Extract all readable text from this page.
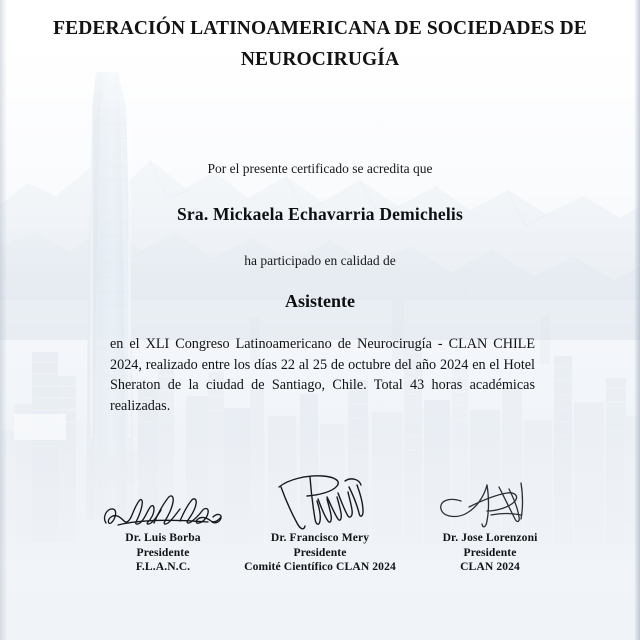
FEDERACIÓN LATINOAMERICANA DE SOCIEDADES DE
NEUROCIRUGÍA
Por el presente certificado se acredita que
Sra. Mickaela Echavarria Demichelis
ha participado en calidad de
Asistente
en el XLI Congreso Latinoamericano de Neurocirugía - CLAN CHILE 2024, realizado entre los días 22 al 25 de octubre del año 2024 en el Hotel Sheraton de la ciudad de Santiago, Chile. Total 43 horas académicas realizadas.
Dr. Luis Borba
Presidente
F.L.A.N.C.
Dr. Francisco Mery
Presidente
Comité Científico CLAN 2024
Dr. Jose Lorenzoni
Presidente
CLAN 2024
